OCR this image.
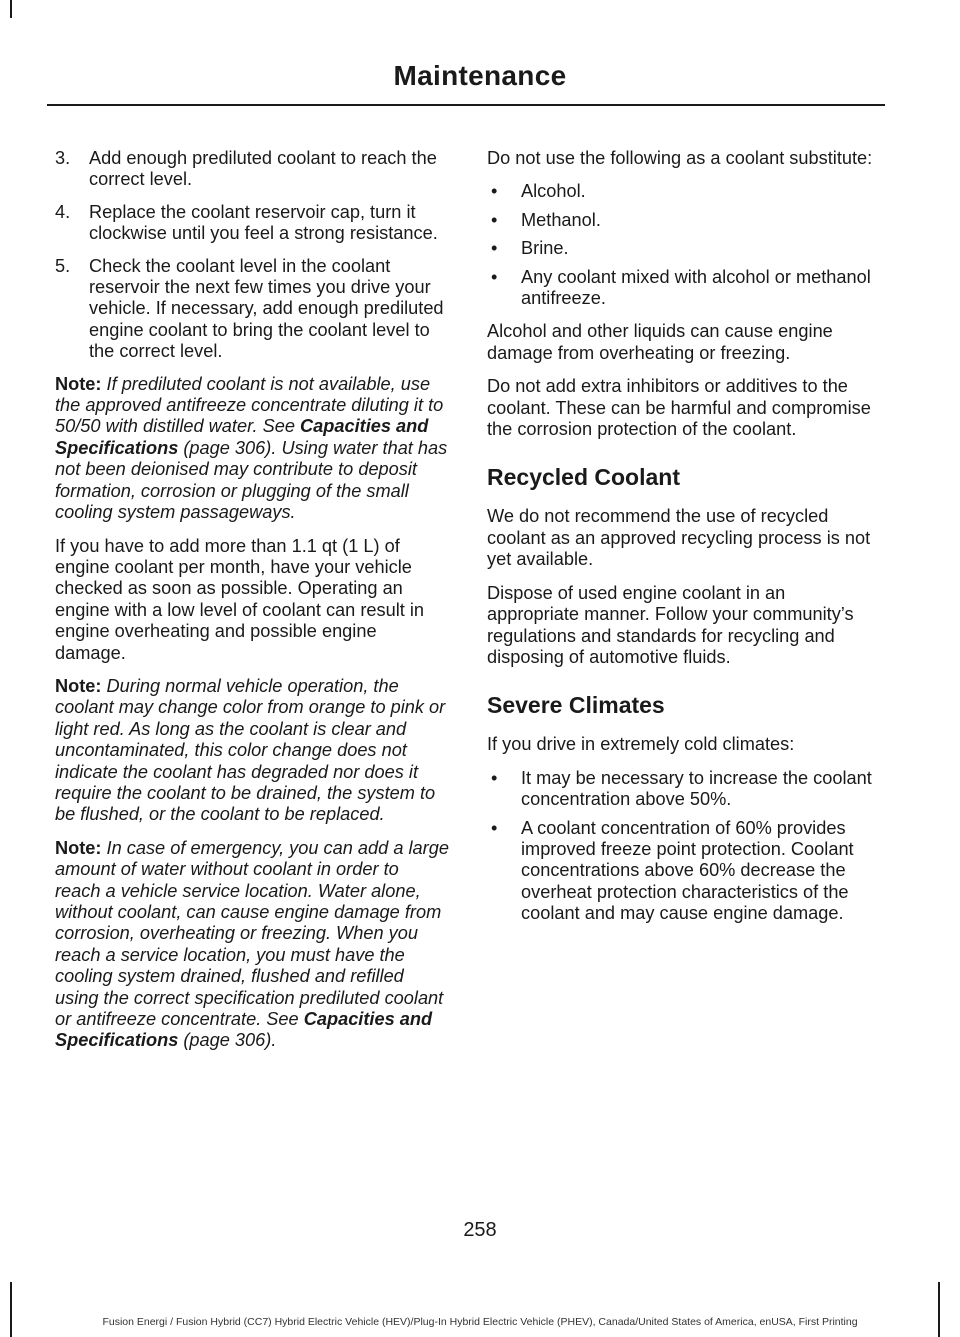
Maintenance
3. Add enough prediluted coolant to reach the correct level.
4. Replace the coolant reservoir cap, turn it clockwise until you feel a strong resistance.
5. Check the coolant level in the coolant reservoir the next few times you drive your vehicle. If necessary, add enough prediluted engine coolant to bring the coolant level to the correct level.

Note: If prediluted coolant is not available, use the approved antifreeze concentrate diluting it to 50/50 with distilled water. See Capacities and Specifications (page 306). Using water that has not been deionised may contribute to deposit formation, corrosion or plugging of the small cooling system passageways.

If you have to add more than 1.1 qt (1 L) of engine coolant per month, have your vehicle checked as soon as possible. Operating an engine with a low level of coolant can result in engine overheating and possible engine damage.

Note: During normal vehicle operation, the coolant may change color from orange to pink or light red. As long as the coolant is clear and uncontaminated, this color change does not indicate the coolant has degraded nor does it require the coolant to be drained, the system to be flushed, or the coolant to be replaced.

Note: In case of emergency, you can add a large amount of water without coolant in order to reach a vehicle service location. Water alone, without coolant, can cause engine damage from corrosion, overheating or freezing. When you reach a service location, you must have the cooling system drained, flushed and refilled using the correct specification prediluted coolant or antifreeze concentrate. See Capacities and Specifications (page 306).

Do not use the following as a coolant substitute:

• Alcohol.
• Methanol.
• Brine.
• Any coolant mixed with alcohol or methanol antifreeze.

Alcohol and other liquids can cause engine damage from overheating or freezing.

Do not add extra inhibitors or additives to the coolant. These can be harmful and compromise the corrosion protection of the coolant.

Recycled Coolant

We do not recommend the use of recycled coolant as an approved recycling process is not yet available.

Dispose of used engine coolant in an appropriate manner. Follow your community’s regulations and standards for recycling and disposing of automotive fluids.

Severe Climates

If you drive in extremely cold climates:

• It may be necessary to increase the coolant concentration above 50%.
• A coolant concentration of 60% provides improved freeze point protection. Coolant concentrations above 60% decrease the overheat protection characteristics of the coolant and may cause engine damage.
258
Fusion Energi / Fusion Hybrid (CC7) Hybrid Electric Vehicle (HEV)/Plug-In Hybrid Electric Vehicle (PHEV), Canada/United States of America, enUSA, First Printing
